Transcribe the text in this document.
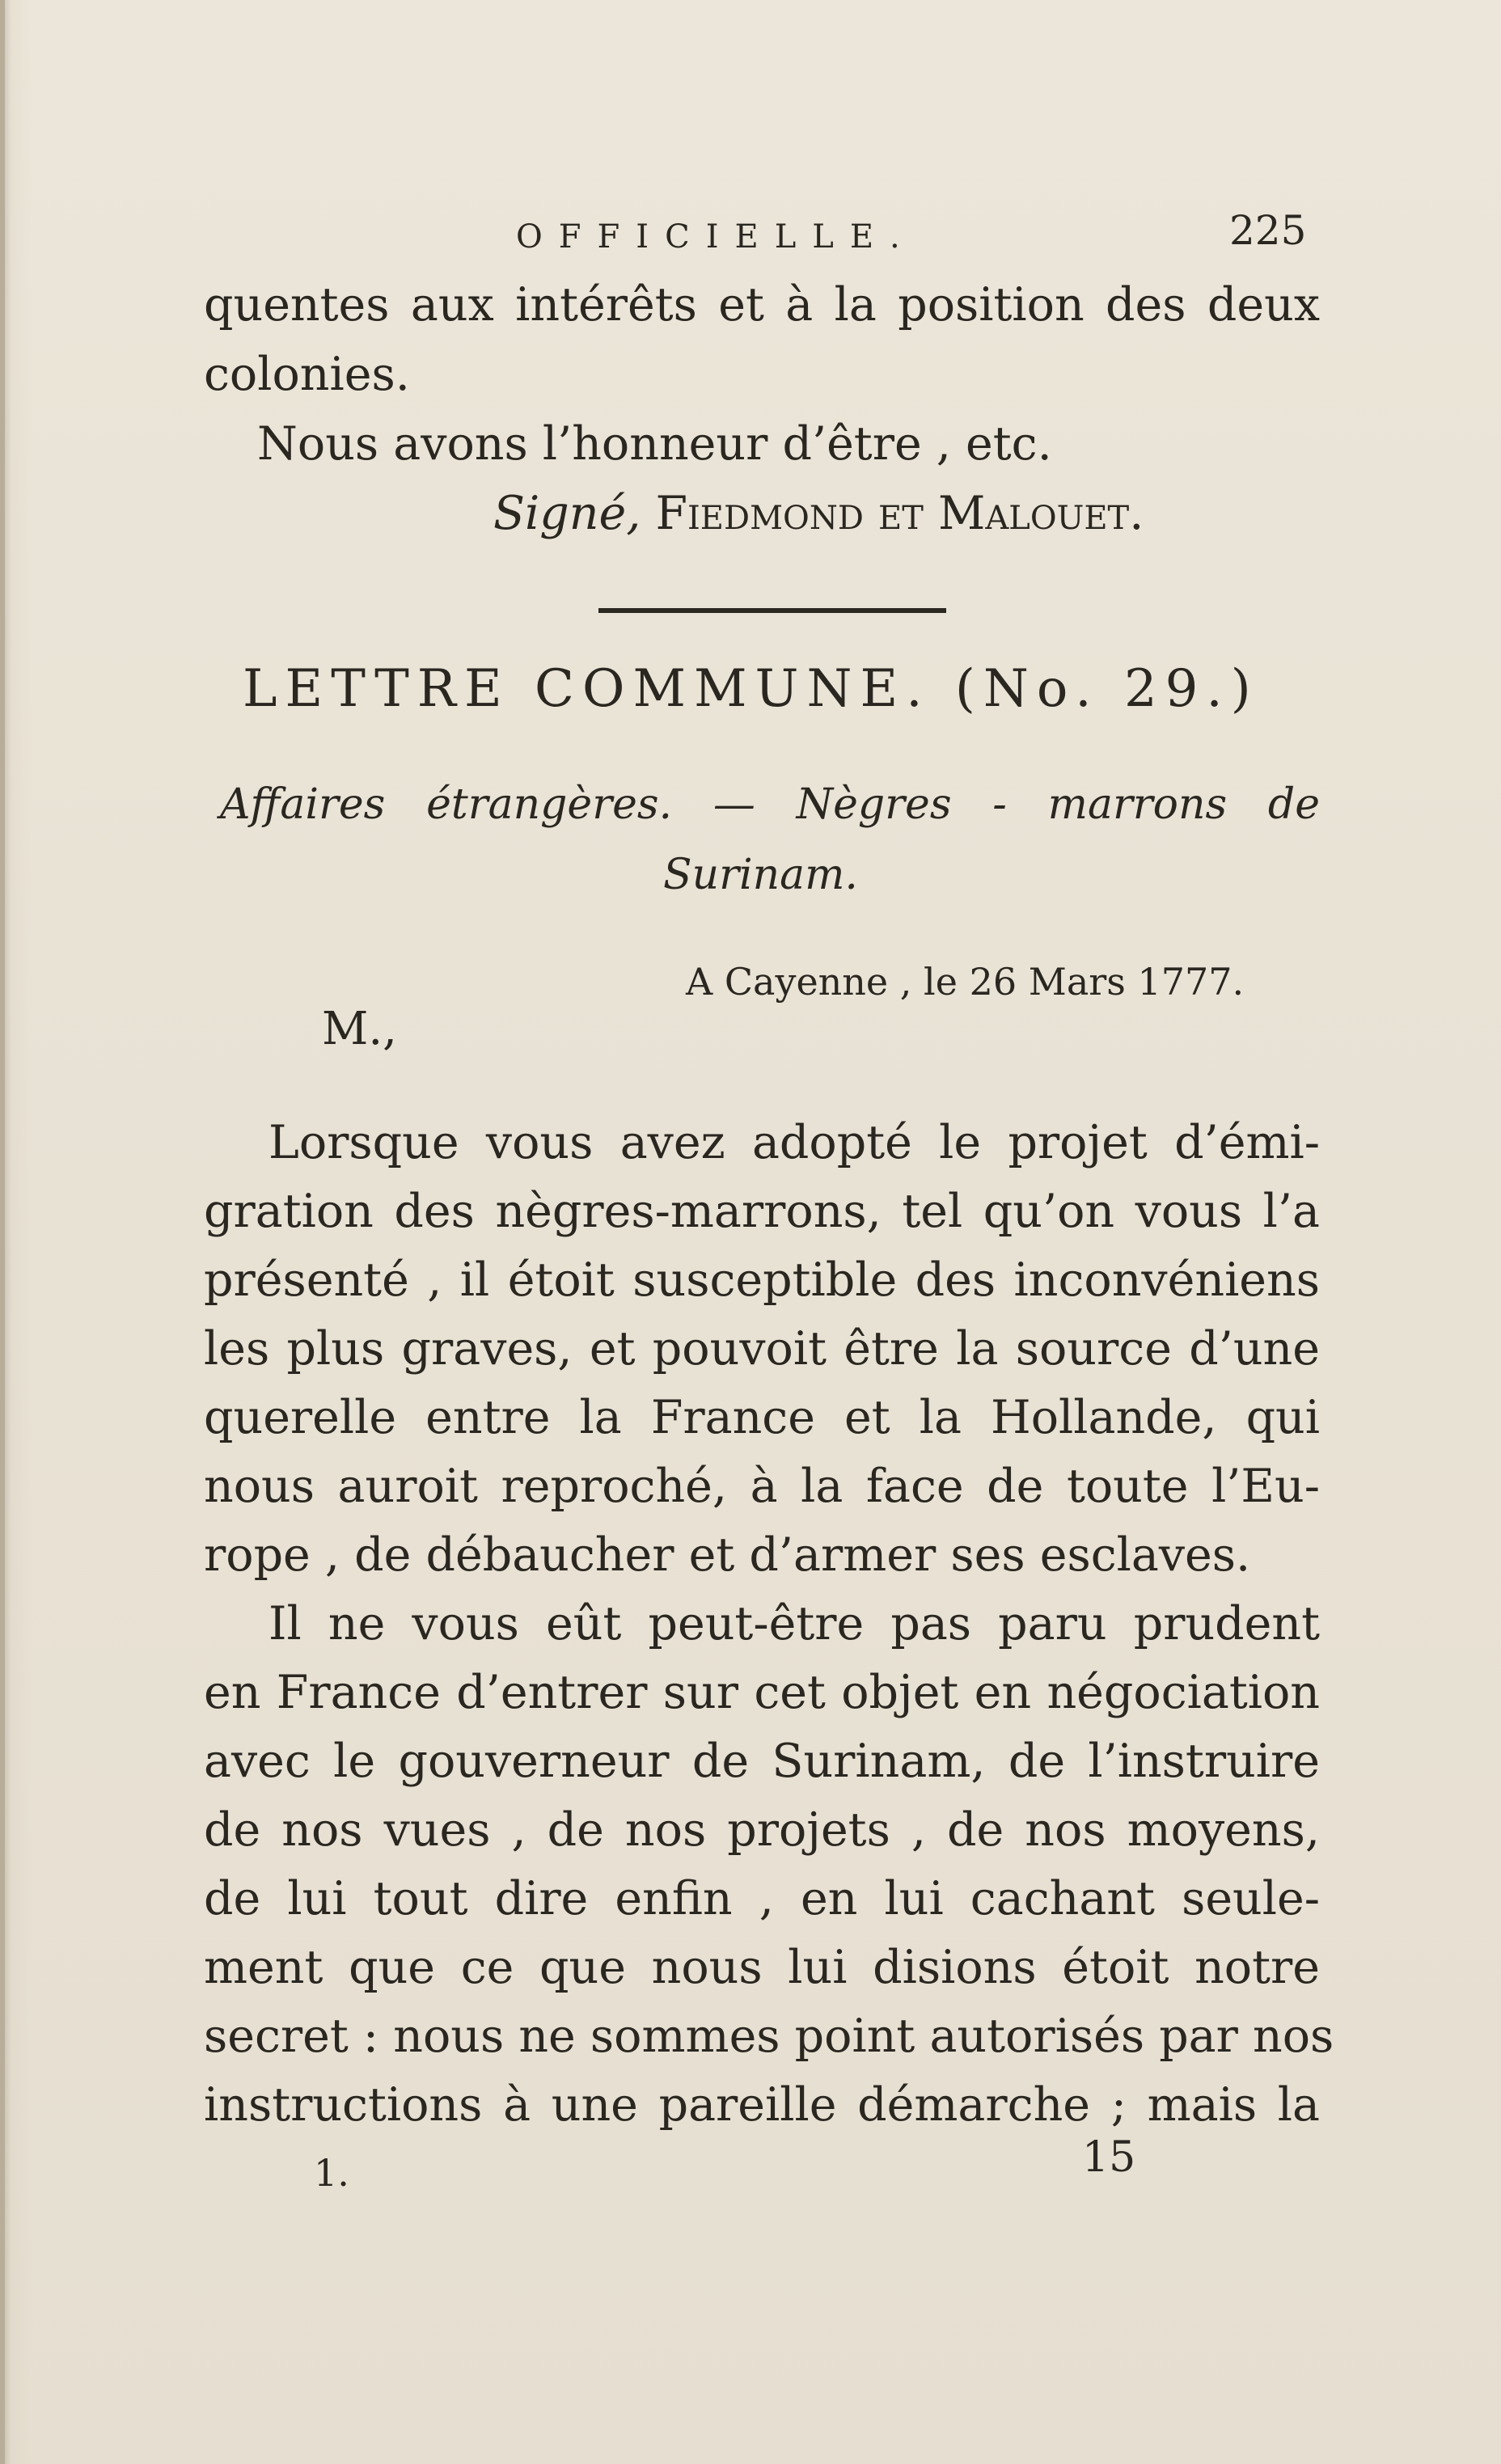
OFFICIELLE.	225
quentes aux intérêts et à la position des deux
colonies.
Nous avons l’honneur d’être , etc.
Signé, Fiedmond et Malouet.
LETTRE COMMUNE. (No. 29.)
Affaires étrangères. — Nègres - marrons de
Surinam.
A Cayenne , le 26 Mars 1777.
M.,
Lorsque vous avez adopté le projet d’émi-
gration des nègres-marrons, tel qu’on vous l’a
présenté , il étoit susceptible des inconvéniens
les plus graves, et pouvoit être la source d’une
querelle entre la France et la Hollande, qui
nous auroit reproché, à la face de toute l’Eu-
rope , de débaucher et d’armer ses esclaves.
Il ne vous eût peut-être pas paru prudent
en France d’entrer sur cet objet en négociation
avec le gouverneur de Surinam, de l’instruire
de nos vues , de nos projets , de nos moyens,
de lui tout dire enfin , en lui cachant seule-
ment que ce que nous lui disions étoit notre
secret : nous ne sommes point autorisés par nos
instructions à une pareille démarche ; mais la
1.	15
